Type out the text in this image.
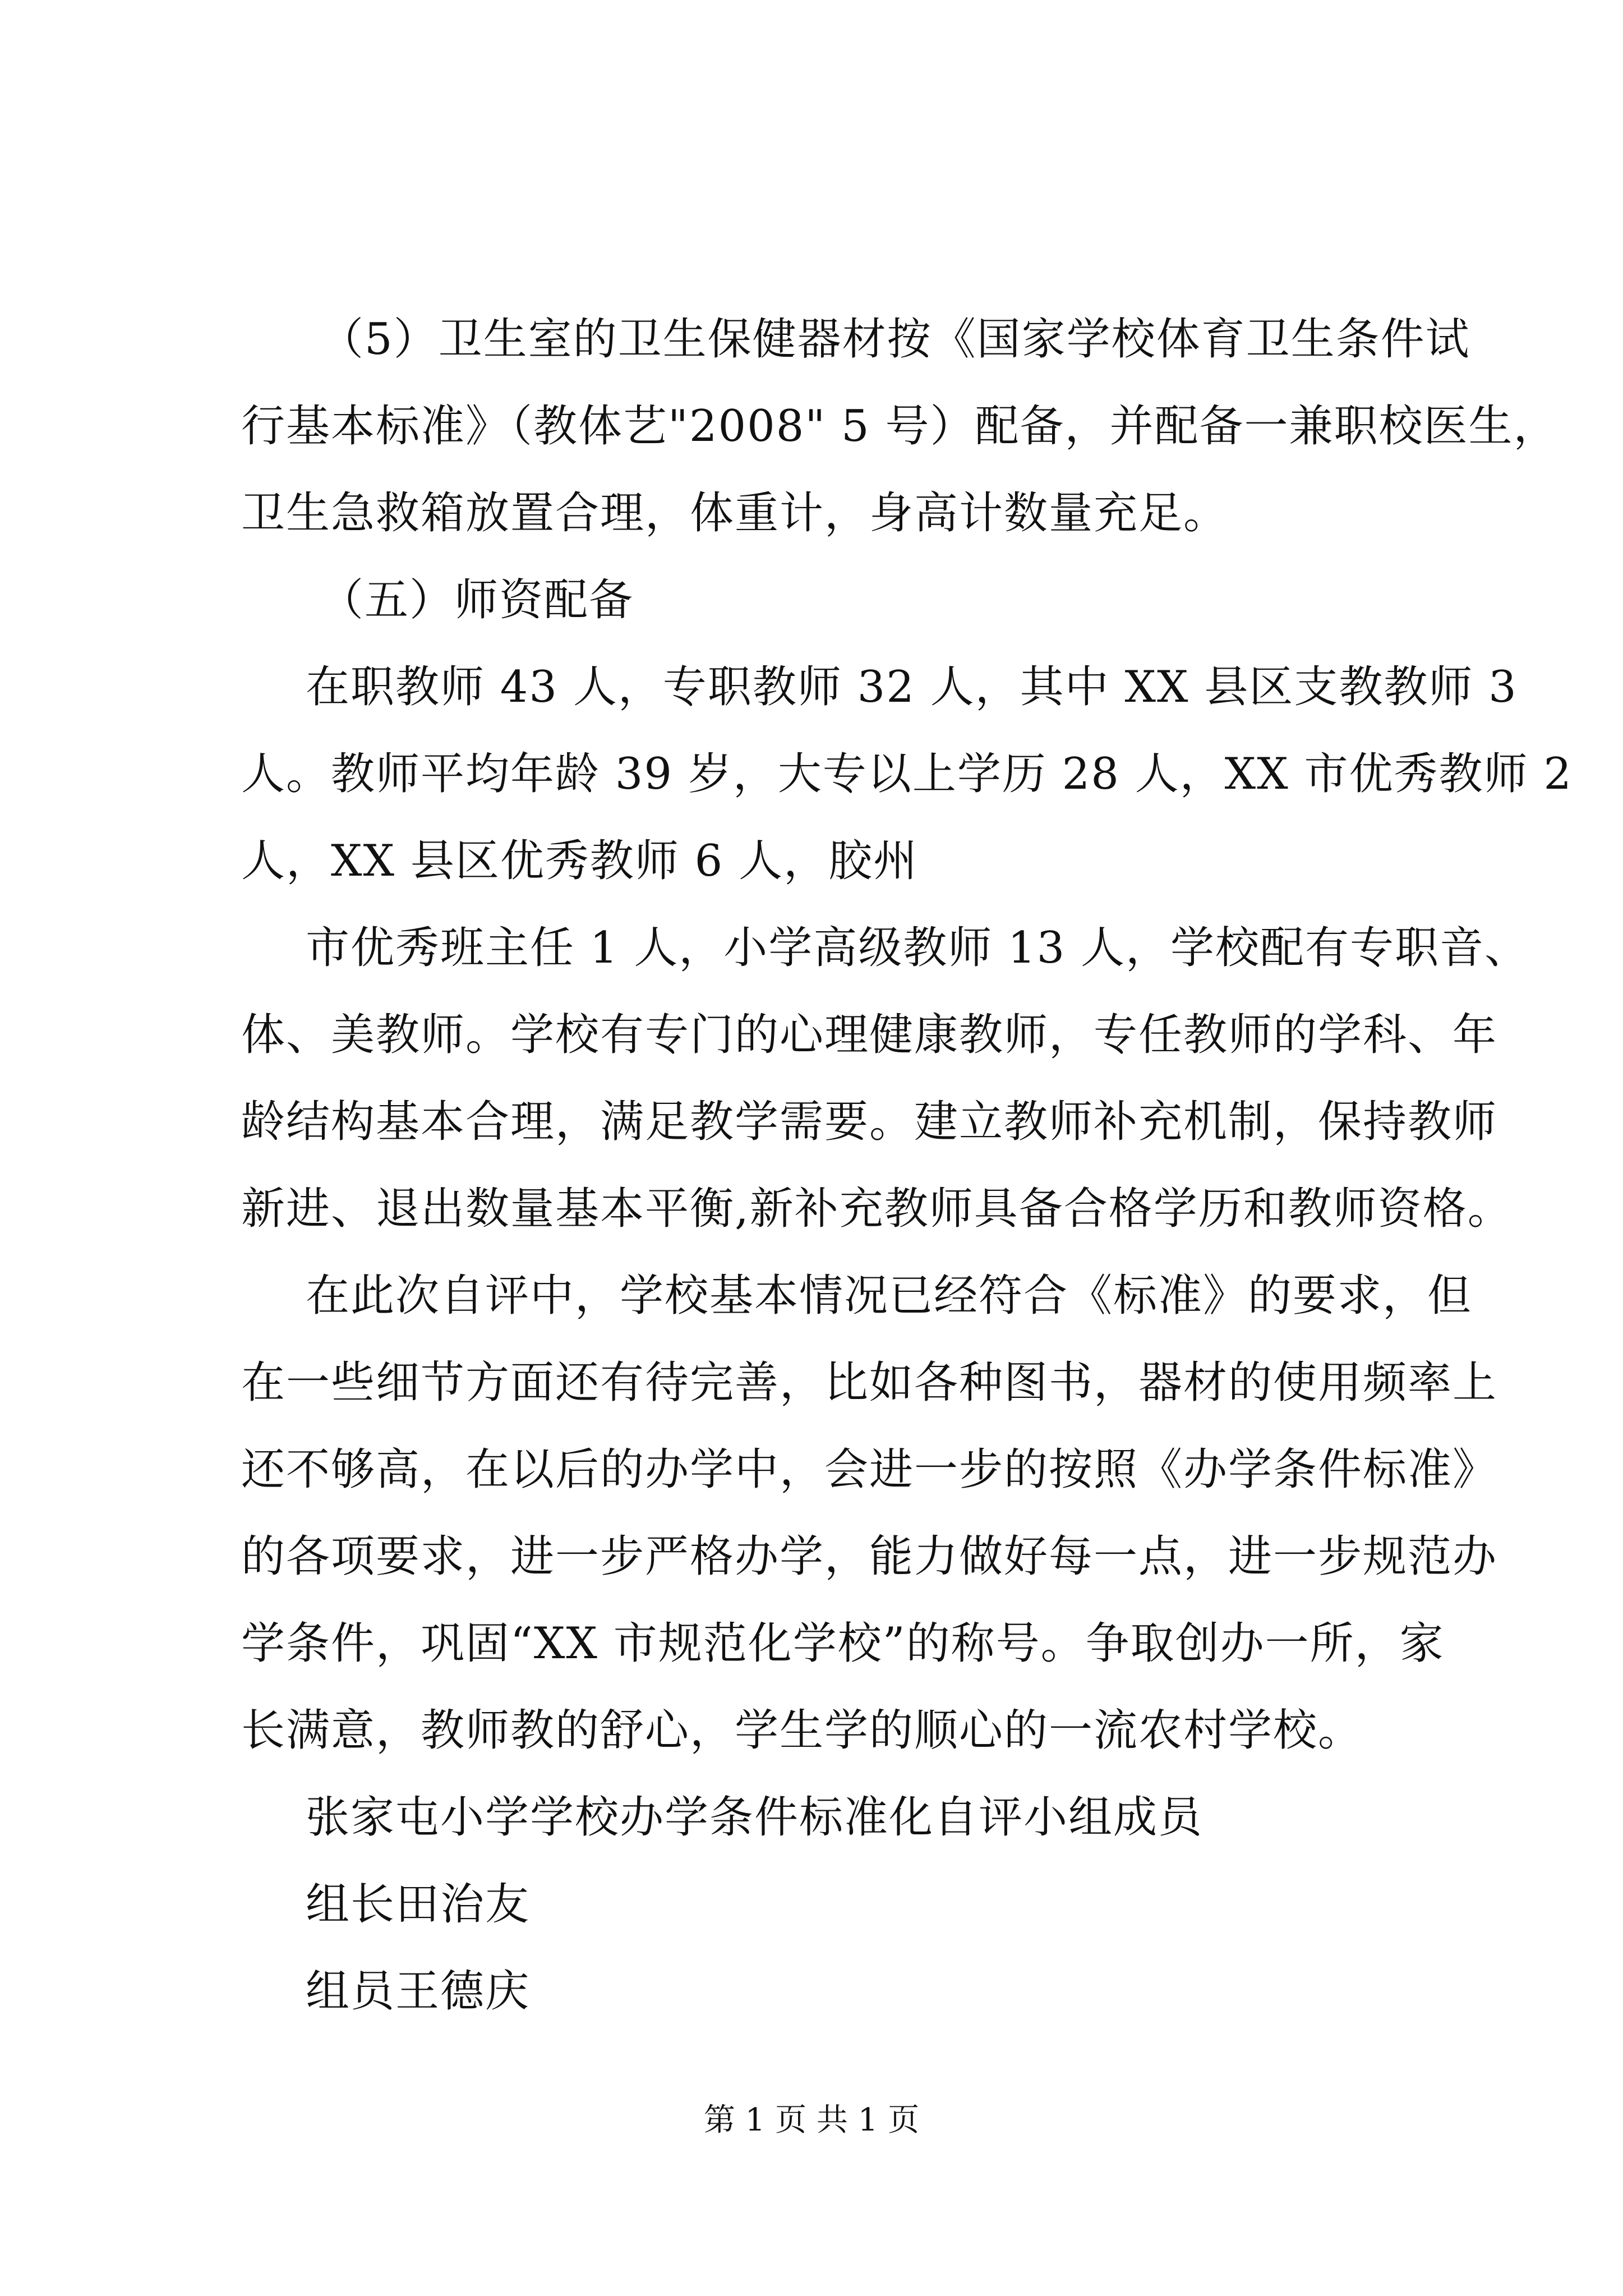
（5）卫生室的卫生保健器材按《国家学校体育卫生条件试
行基本标准》（教体艺"2008" 5 号）配备，并配备一兼职校医生，
卫生急救箱放置合理，体重计，身高计数量充足。
（五）师资配备
在职教师 43 人，专职教师 32 人，其中 XX 县区支教教师 3
人。教师平均年龄 39 岁，大专以上学历 28 人，XX 市优秀教师 2
人，XX 县区优秀教师 6 人，胶州
市优秀班主任 1 人，小学高级教师 13 人，学校配有专职音、
体、美教师。学校有专门的心理健康教师，专任教师的学科、年
龄结构基本合理，满足教学需要。建立教师补充机制，保持教师
新进、退出数量基本平衡,新补充教师具备合格学历和教师资格。
在此次自评中，学校基本情况已经符合《标准》的要求，但
在一些细节方面还有待完善，比如各种图书，器材的使用频率上
还不够高，在以后的办学中，会进一步的按照《办学条件标准》
的各项要求，进一步严格办学，能力做好每一点，进一步规范办
学条件，巩固“XX 市规范化学校”的称号。争取创办一所，家
长满意，教师教的舒心，学生学的顺心的一流农村学校。
张家屯小学学校办学条件标准化自评小组成员
组长田治友
组员王德庆
第 1 页 共 1 页
